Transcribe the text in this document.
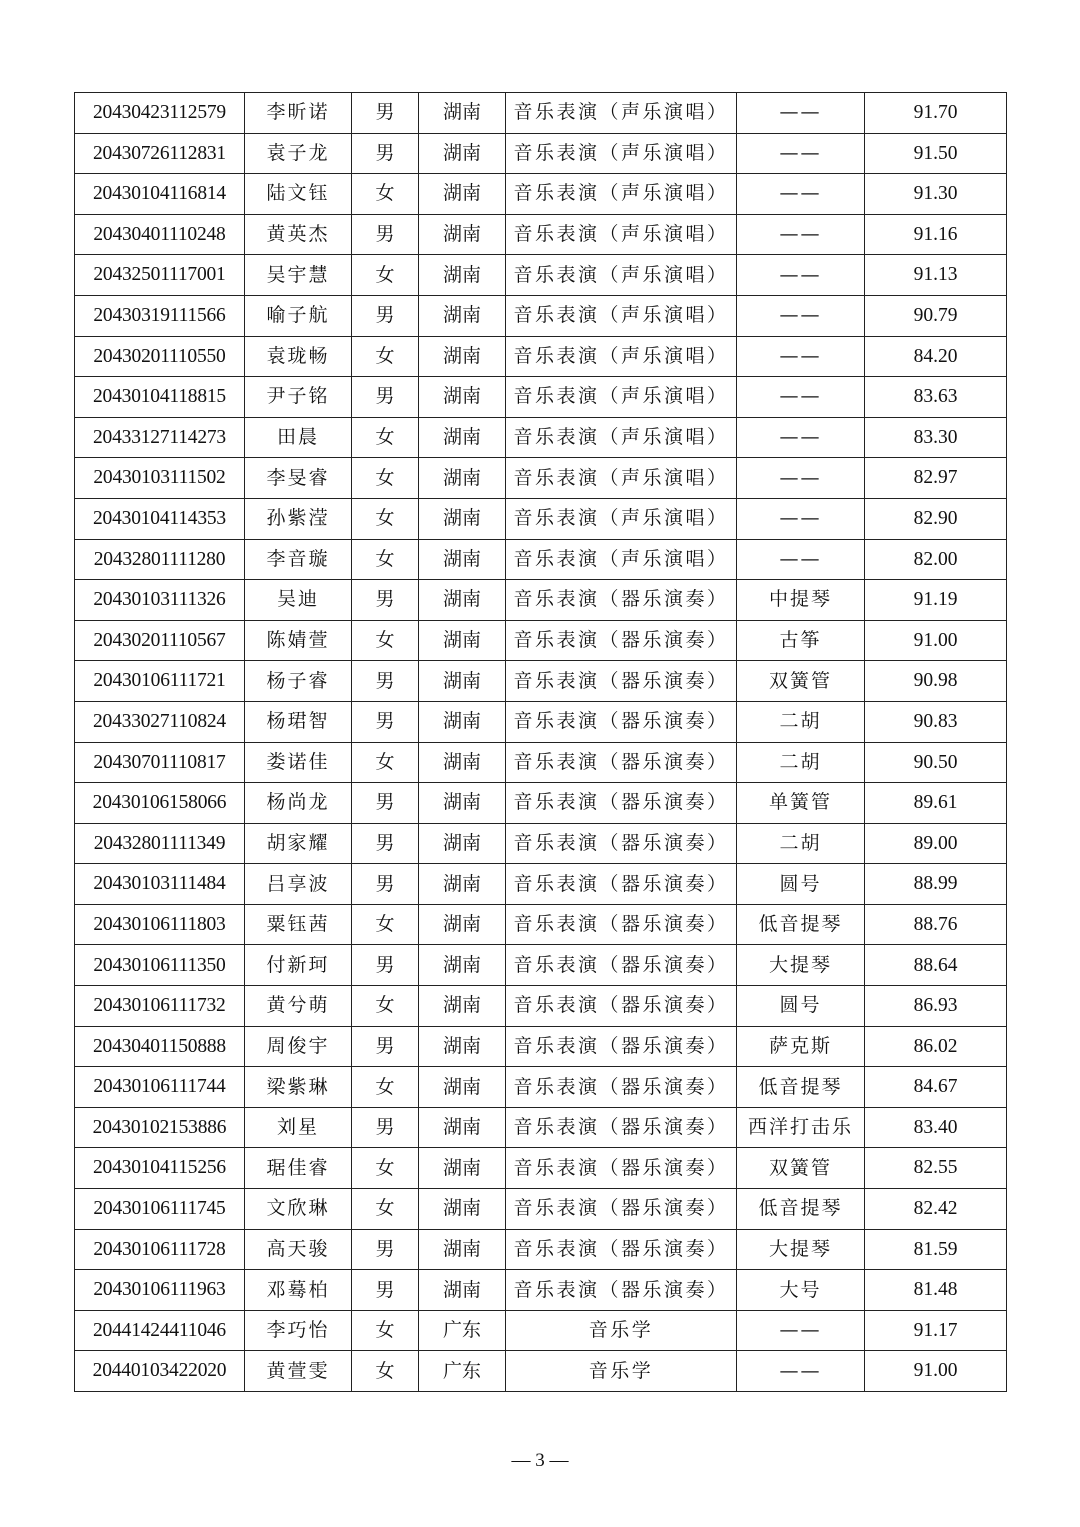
20430423112579	李昕诺	男	湖南	音乐表演（声乐演唱）	——	91.70
20430726112831	袁子龙	男	湖南	音乐表演（声乐演唱）	——	91.50
20430104116814	陆文钰	女	湖南	音乐表演（声乐演唱）	——	91.30
20430401110248	黄英杰	男	湖南	音乐表演（声乐演唱）	——	91.16
20432501117001	吴宇慧	女	湖南	音乐表演（声乐演唱）	——	91.13
20430319111566	喻子航	男	湖南	音乐表演（声乐演唱）	——	90.79
20430201110550	袁珑畅	女	湖南	音乐表演（声乐演唱）	——	84.20
20430104118815	尹子铭	男	湖南	音乐表演（声乐演唱）	——	83.63
20433127114273	田晨	女	湖南	音乐表演（声乐演唱）	——	83.30
20430103111502	李旻睿	女	湖南	音乐表演（声乐演唱）	——	82.97
20430104114353	孙紫滢	女	湖南	音乐表演（声乐演唱）	——	82.90
20432801111280	李音璇	女	湖南	音乐表演（声乐演唱）	——	82.00
20430103111326	吴迪	男	湖南	音乐表演（器乐演奏）	中提琴	91.19
20430201110567	陈婧萱	女	湖南	音乐表演（器乐演奏）	古筝	91.00
20430106111721	杨子睿	男	湖南	音乐表演（器乐演奏）	双簧管	90.98
20433027110824	杨珺智	男	湖南	音乐表演（器乐演奏）	二胡	90.83
20430701110817	娄诺佳	女	湖南	音乐表演（器乐演奏）	二胡	90.50
20430106158066	杨尚龙	男	湖南	音乐表演（器乐演奏）	单簧管	89.61
20432801111349	胡家耀	男	湖南	音乐表演（器乐演奏）	二胡	89.00
20430103111484	吕享波	男	湖南	音乐表演（器乐演奏）	圆号	88.99
20430106111803	粟钰茜	女	湖南	音乐表演（器乐演奏）	低音提琴	88.76
20430106111350	付新珂	男	湖南	音乐表演（器乐演奏）	大提琴	88.64
20430106111732	黄兮萌	女	湖南	音乐表演（器乐演奏）	圆号	86.93
20430401150888	周俊宇	男	湖南	音乐表演（器乐演奏）	萨克斯	86.02
20430106111744	梁紫琳	女	湖南	音乐表演（器乐演奏）	低音提琴	84.67
20430102153886	刘星	男	湖南	音乐表演（器乐演奏）	西洋打击乐	83.40
20430104115256	琚佳睿	女	湖南	音乐表演（器乐演奏）	双簧管	82.55
20430106111745	文欣琳	女	湖南	音乐表演（器乐演奏）	低音提琴	82.42
20430106111728	高天骏	男	湖南	音乐表演（器乐演奏）	大提琴	81.59
20430106111963	邓蓦柏	男	湖南	音乐表演（器乐演奏）	大号	81.48
20441424411046	李巧怡	女	广东	音乐学	——	91.17
20440103422020	黄萱雯	女	广东	音乐学	——	91.00
— 3 —
